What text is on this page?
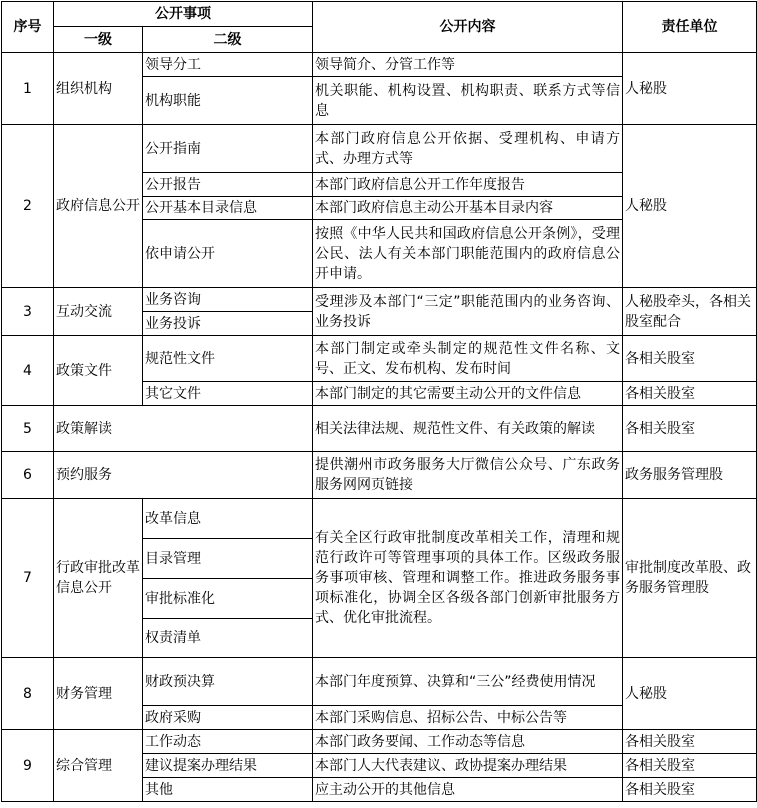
序号	公开事项		公开内容	责任单位
	一级	二级		
1	组织机构	领导分工	领导简介、分管工作等	人秘股
		机构职能	机关职能、机构设置、机构职责、联系方式等信息	
2	政府信息公开	公开指南	本部门政府信息公开依据、受理机构、申请方式、办理方式等	人秘股
		公开报告	本部门政府信息公开工作年度报告	
		公开基本目录信息	本部门政府信息主动公开基本目录内容	
		依申请公开	按照《中华人民共和国政府信息公开条例》，受理公民、法人有关本部门职能范围内的政府信息公开申请。	
3	互动交流	业务咨询	受理涉及本部门“三定”职能范围内的业务咨询、业务投诉	人秘股牵头，各相关股室配合
		业务投诉		
4	政策文件	规范性文件	本部门制定或牵头制定的规范性文件名称、文号、正文、发布机构、发布时间	各相关股室
		其它文件	本部门制定的其它需要主动公开的文件信息	各相关股室
5	政策解读		相关法律法规、规范性文件、有关政策的解读	各相关股室
6	预约服务		提供潮州市政务服务大厅微信公众号、广东政务服务网网页链接	政务服务管理股
7	行政审批改革信息公开	改革信息	有关全区行政审批制度改革相关工作，清理和规范行政许可等管理事项的具体工作。区级政务服务事项审核、管理和调整工作。推进政务服务事项标准化，协调全区各级各部门创新审批服务方式、优化审批流程。	审批制度改革股、政务服务管理股
		目录管理		
		审批标准化		
		权责清单		
8	财务管理	财政预决算	本部门年度预算、决算和“三公”经费使用情况	人秘股
		政府采购	本部门采购信息、招标公告、中标公告等	
9	综合管理	工作动态	本部门政务要闻、工作动态等信息	各相关股室
		建议提案办理结果	本部门人大代表建议、政协提案办理结果	各相关股室
		其他	应主动公开的其他信息	各相关股室
